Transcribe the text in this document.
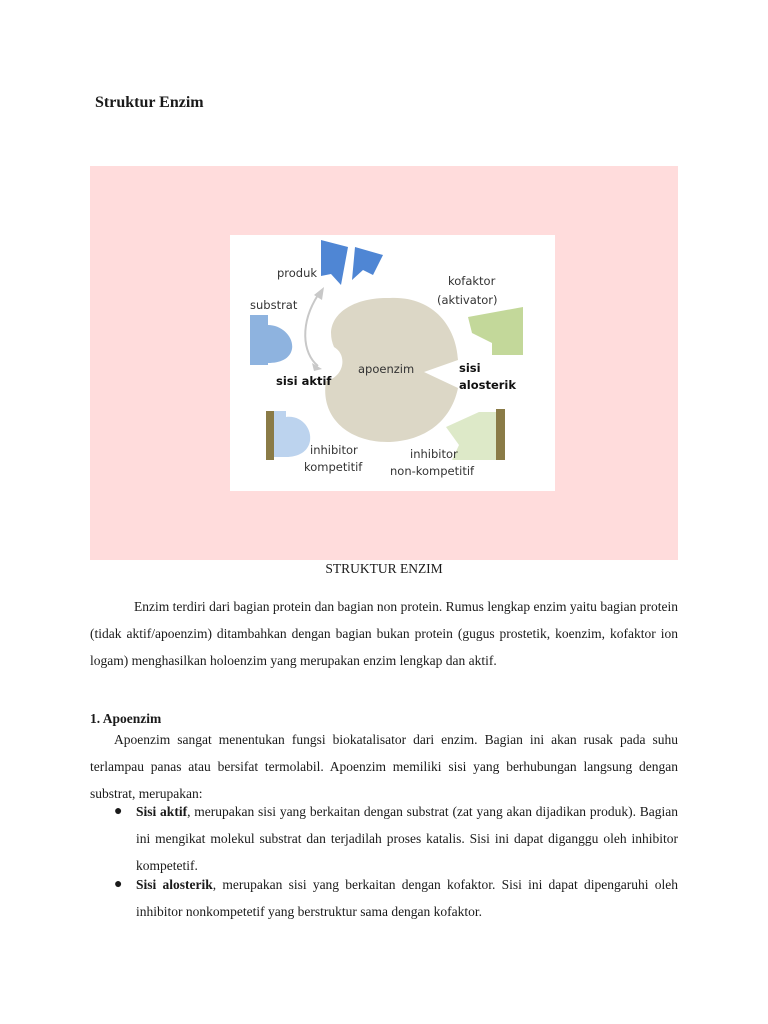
Struktur Enzim
produk
substrat
kofaktor
(aktivator)
sisi aktif
apoenzim	sisi
alosterik
inhibitor
kompetitif
inhibitor
non-kompetitif
STRUKTUR ENZIM
Enzim terdiri dari bagian protein dan bagian non protein. Rumus lengkap enzim yaitu bagian protein (tidak aktif/apoenzim) ditambahkan dengan bagian bukan protein (gugus prostetik, koenzim, kofaktor ion logam) menghasilkan holoenzim yang merupakan enzim lengkap dan aktif.
1. Apoenzim
Apoenzim sangat menentukan fungsi biokatalisator dari enzim. Bagian ini akan rusak pada suhu terlampau panas atau bersifat termolabil. Apoenzim memiliki sisi yang berhubungan langsung dengan substrat, merupakan:
● Sisi aktif, merupakan sisi yang berkaitan dengan substrat (zat yang akan dijadikan produk). Bagian ini mengikat molekul substrat dan terjadilah proses katalis. Sisi ini dapat diganggu oleh inhibitor kompetetif.
● Sisi alosterik, merupakan sisi yang berkaitan dengan kofaktor. Sisi ini dapat dipengaruhi oleh inhibitor nonkompetetif yang berstruktur sama dengan kofaktor.
